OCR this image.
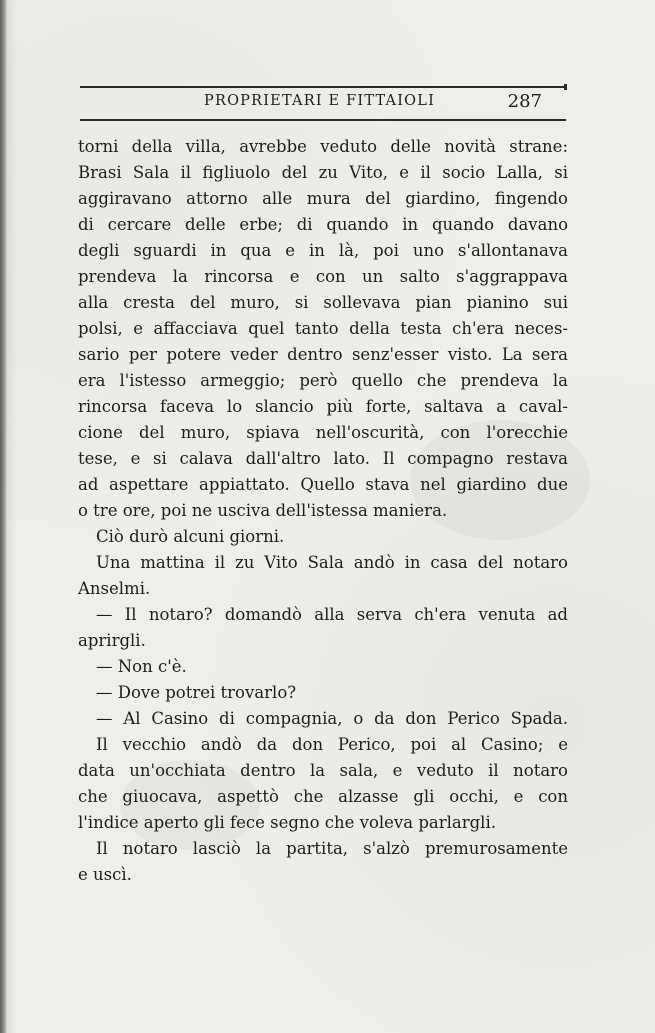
PROPRIETARI E FITTAIOLI	287
torni della villa, avrebbe veduto delle novità strane:
Brasi Sala il figliuolo del zu Vito, e il socio Lalla, si
aggiravano attorno alle mura del giardino, fingendo
di cercare delle erbe; di quando in quando davano
degli sguardi in qua e in là, poi uno s'allontanava
prendeva la rincorsa e con un salto s'aggrappava
alla cresta del muro, si sollevava pian pianino sui
polsi, e affacciava quel tanto della testa ch'era neces-
sario per potere veder dentro senz'esser visto. La sera
era l'istesso armeggio; però quello che prendeva la
rincorsa faceva lo slancio più forte, saltava a caval-
cione del muro, spiava nell'oscurità, con l'orecchie
tese, e si calava dall'altro lato. Il compagno restava
ad aspettare appiattato. Quello stava nel giardino due
o tre ore, poi ne usciva dell'istessa maniera.
Ciò durò alcuni giorni.
Una mattina il zu Vito Sala andò in casa del notaro
Anselmi.
— Il notaro? domandò alla serva ch'era venuta ad
aprirgli.
— Non c'è.
— Dove potrei trovarlo?
— Al Casino di compagnia, o da don Perico Spada.
Il vecchio andò da don Perico, poi al Casino; e
data un'occhiata dentro la sala, e veduto il notaro
che giuocava, aspettò che alzasse gli occhi, e con
l'indice aperto gli fece segno che voleva parlargli.
Il notaro lasciò la partita, s'alzò premurosamente
e uscì.
